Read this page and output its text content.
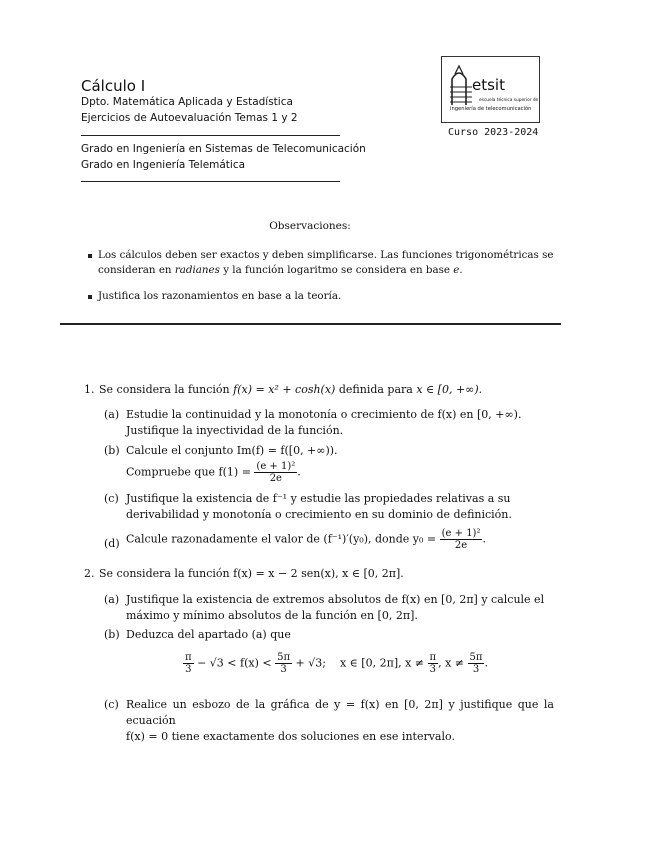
Cálculo I
Dpto. Matemática Aplicada y Estadística
Ejercicios de Autoevaluación Temas 1 y 2
Grado en Ingeniería en Sistemas de Telecomunicación
Grado en Ingeniería Telemática
etsit
escuela técnica superior de
ingeniería de telecomunicación
Curso 2023-2024
Observaciones:
Los cálculos deben ser exactos y deben simplificarse. Las funciones trigonométricas se
consideran en radianes y la función logaritmo se considera en base e.
Justifica los razonamientos en base a la teoría.
1. Se considera la función f(x) = x² + cosh(x) definida para x ∈ [0, +∞).
(a) Estudie la continuidad y la monotonía o crecimiento de f(x) en [0, +∞).
Justifique la inyectividad de la función.
(b) Calcule el conjunto Im(f) = f([0, +∞)).
Compruebe que $f(1) = \frac{\text{(e + 1)²}}{2e}$ .
(c) Justifique la existencia de f⁻¹ y estudie las propiedades relativas a su
derivabilidad y monotonía o crecimiento en su dominio de definición.
(d) Calcule razonadamente el valor de (f⁻¹)′(y₀), donde $y_0 = \frac{\text{(e + 1)²}}{2e}$ .
2. Se considera la función f(x) = x − 2 sen(x), x ∈ [0, 2π].
(a) Justifique la existencia de extremos absolutos de f(x) en [0, 2π] y calcule el
máximo y mínimo absolutos de la función en [0, 2π].
(b) Deduzca del apartado (a) que
$\frac{\pi}{3} - √3 < f(x) < \frac{5\pi}{3} + √3$; x ∈ [0, 2π], $x \ne \frac{\pi}{3}$ , $x \ne \frac{5\pi}{3}$ .
(c) Realice un esbozo de la gráfica de y = f(x) en [0, 2π] y justifique que la ecuación
f(x) = 0 tiene exactamente dos soluciones en ese intervalo.
